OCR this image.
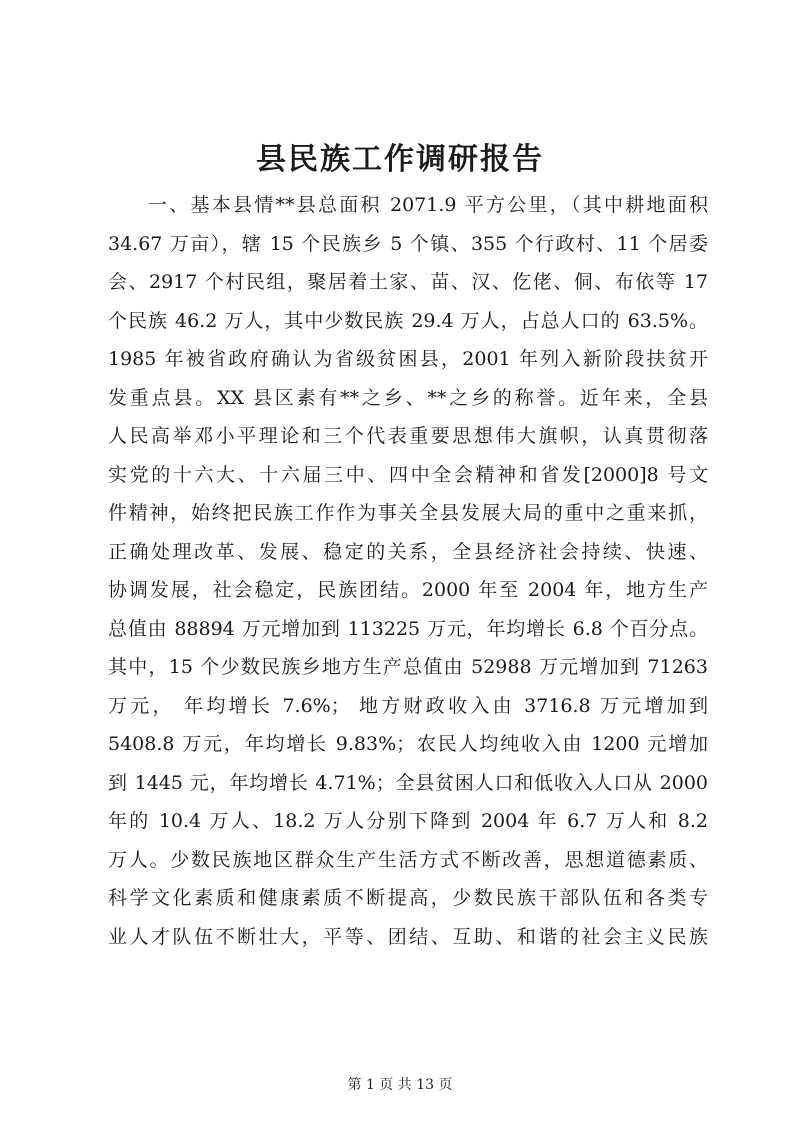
县民族工作调研报告
一、基本县情**县总面积 2071.9 平方公里，（其中耕地面积
34.67 万亩），辖 15 个民族乡 5 个镇、355 个行政村、11 个居委
会、2917 个村民组，聚居着土家、苗、汉、仡佬、侗、布依等 17
个民族 46.2 万人，其中少数民族 29.4 万人，占总人口的 63.5%。
1985 年被省政府确认为省级贫困县，2001 年列入新阶段扶贫开
发重点县。XX 县区素有**之乡、**之乡的称誉。近年来，全县
人民高举邓小平理论和三个代表重要思想伟大旗帜，认真贯彻落
实党的十六大、十六届三中、四中全会精神和省发[2000]8 号文
件精神，始终把民族工作作为事关全县发展大局的重中之重来抓，
正确处理改革、发展、稳定的关系，全县经济社会持续、快速、
协调发展，社会稳定，民族团结。2000 年至 2004 年，地方生产
总值由 88894 万元增加到 113225 万元，年均增长 6.8 个百分点。
其中，15 个少数民族乡地方生产总值由 52988 万元增加到 71263
万元， 年均增长 7.6%； 地方财政收入由 3716.8 万元增加到
5408.8 万元，年均增长 9.83%；农民人均纯收入由 1200 元增加
到 1445 元，年均增长 4.71%；全县贫困人口和低收入人口从 2000
年的 10.4 万人、18.2 万人分别下降到 2004 年 6.7 万人和 8.2
万人。少数民族地区群众生产生活方式不断改善，思想道德素质、
科学文化素质和健康素质不断提高，少数民族干部队伍和各类专
业人才队伍不断壮大，平等、团结、互助、和谐的社会主义民族
第 1 页 共 13 页
